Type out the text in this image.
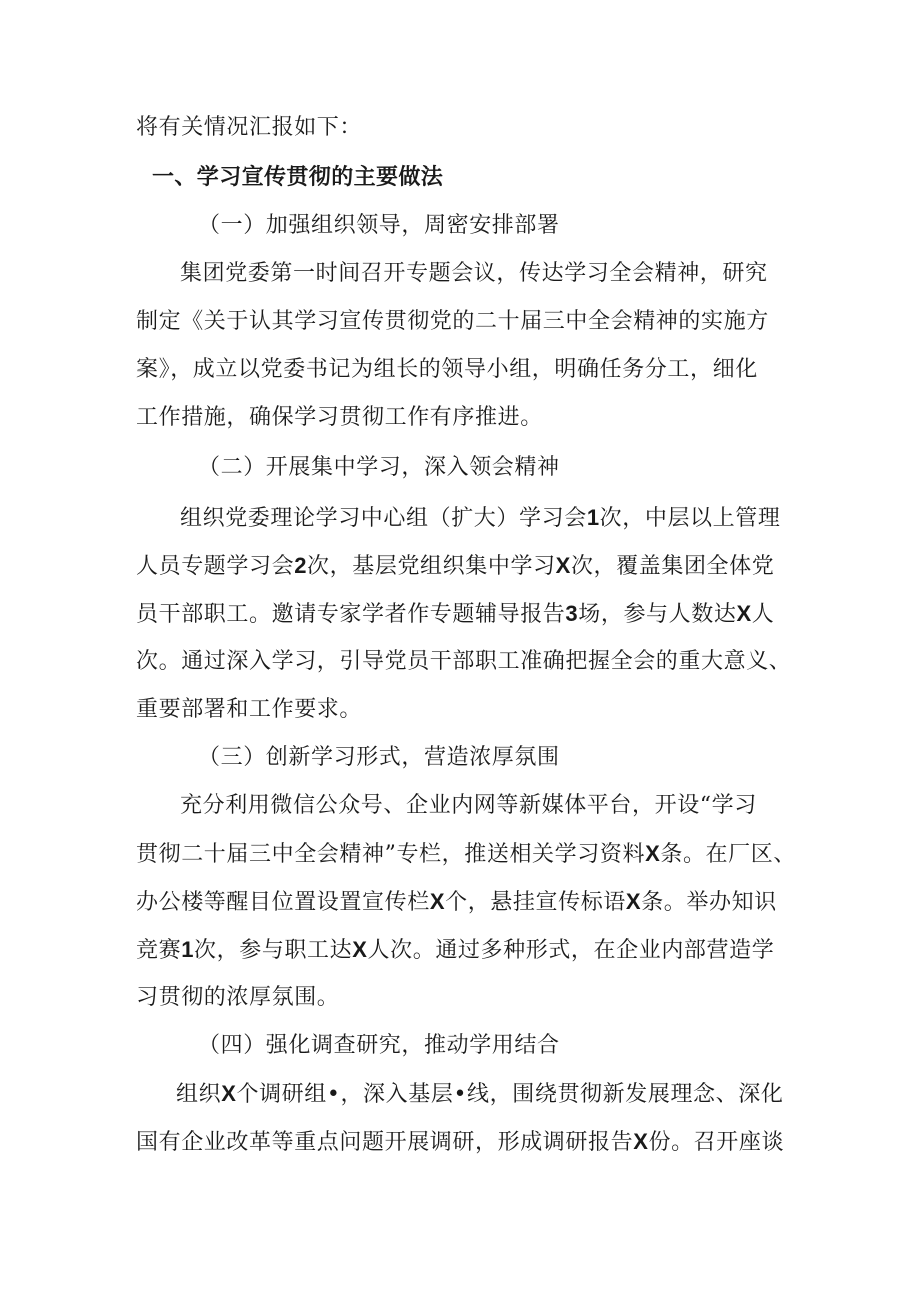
将有关情况汇报如下：
一、学习宣传贯彻的主要做法
（一）加强组织领导，周密安排部署
集团党委第一时间召开专题会议，传达学习全会精神，研究
制定《关于认其学习宣传贯彻党的二十届三中全会精神的实施方
案》，成立以党委书记为组长的领导小组，明确任务分工，细化
工作措施，确保学习贯彻工作有序推进。
（二）开展集中学习，深入领会精神
组织党委理论学习中心组（扩大）学习会1次，中层以上管理
人员专题学习会2次，基层党组织集中学习X次，覆盖集团全体党
员干部职工。邀请专家学者作专题辅导报告3场，参与人数达X人
次。通过深入学习，引导党员干部职工准确把握全会的重大意义、
重要部署和工作要求。
（三）创新学习形式，营造浓厚氛围
充分利用微信公众号、企业内网等新媒体平台，开设“学习
贯彻二十届三中全会精神”专栏，推送相关学习资料X条。在厂区、
办公楼等醒目位置设置宣传栏X个，悬挂宣传标语X条。举办知识
竞赛1次，参与职工达X人次。通过多种形式，在企业内部营造学
习贯彻的浓厚氛围。
（四）强化调查研究，推动学用结合
组织X个调研组•，深入基层•线，围绕贯彻新发展理念、深化
国有企业改革等重点问题开展调研，形成调研报告X份。召开座谈
